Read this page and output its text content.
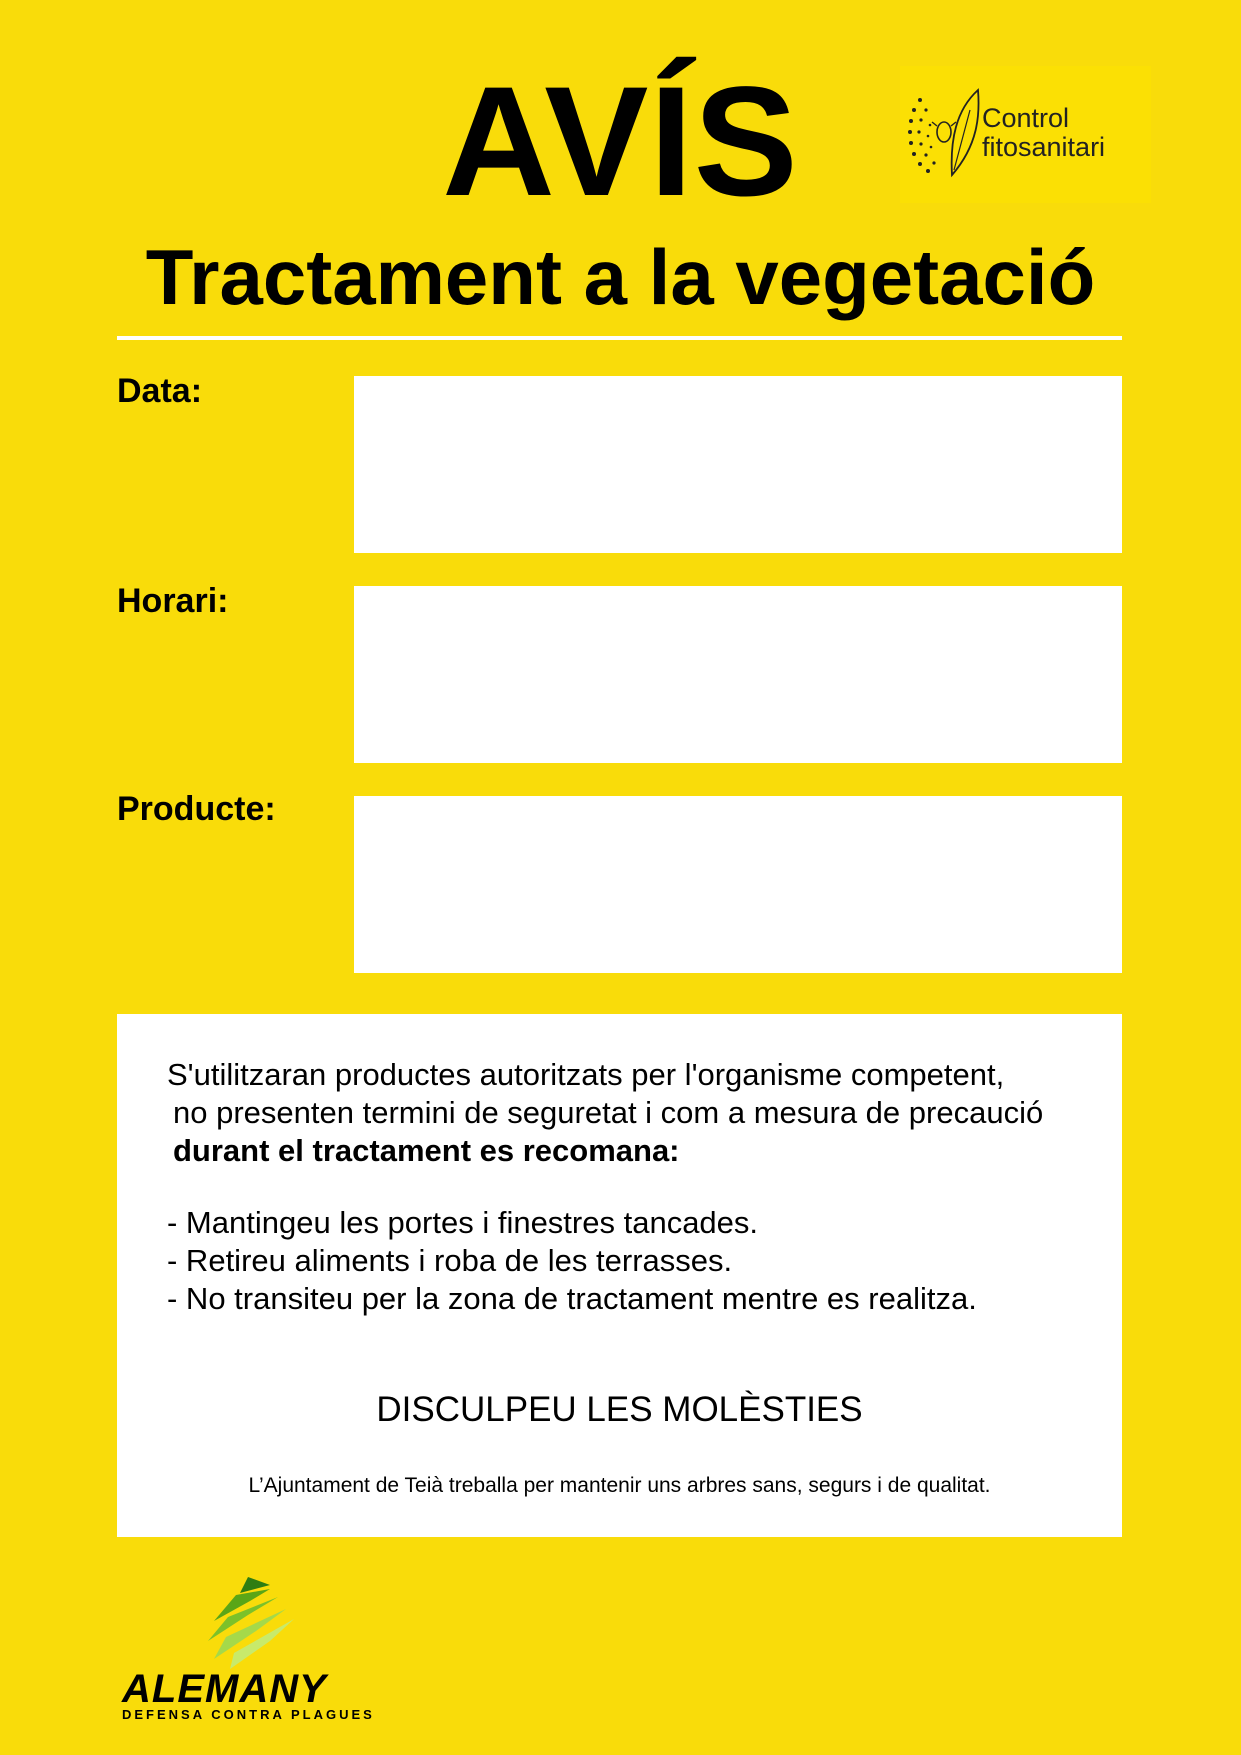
AVÍS	Control
fitosanitari
Tractament a la vegetació
Data:
Horari:
Producte:
S'utilitzaran productes autoritzats per l'organisme competent,
no presenten termini de seguretat i com a mesura de precaució
durant el tractament es recomana:
- Mantingeu les portes i finestres tancades.
- Retireu aliments i roba de les terrasses.
- No transiteu per la zona de tractament mentre es realitza.
DISCULPEU LES MOLÈSTIES
L’Ajuntament de Teià treballa per mantenir uns arbres sans, segurs i de qualitat.
ALEMANY
DEFENSA CONTRA PLAGUES
